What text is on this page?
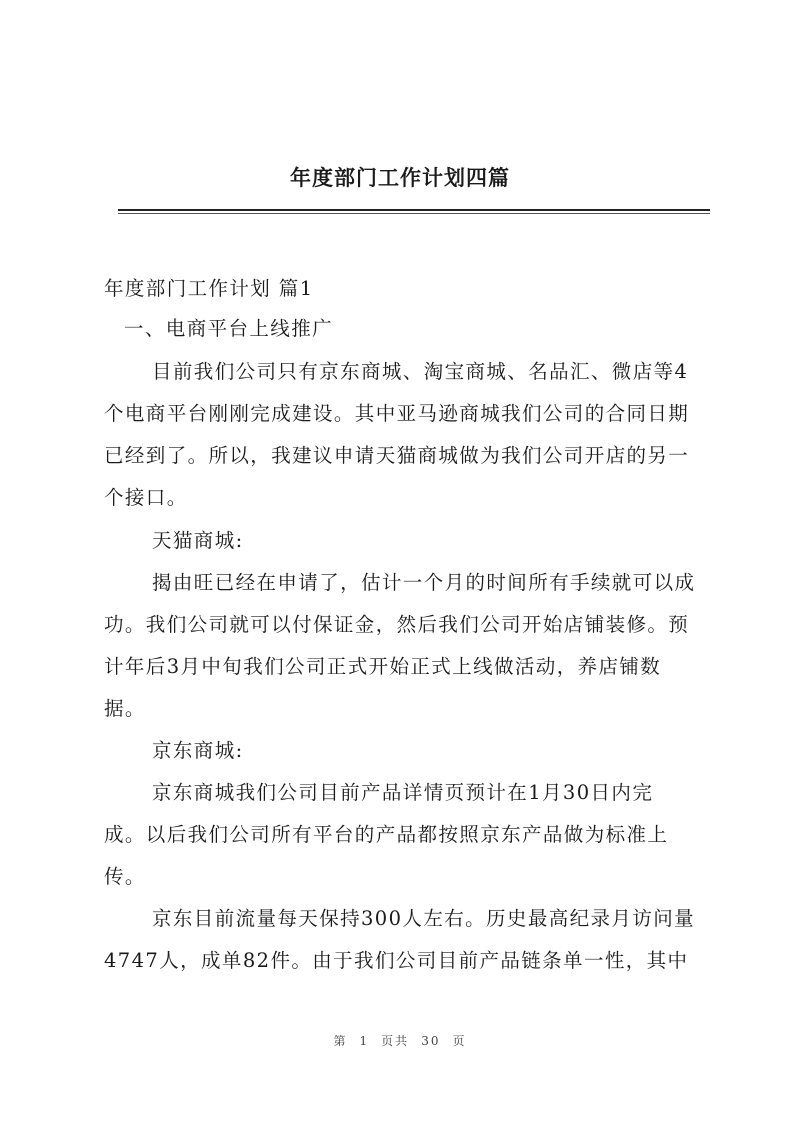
年度部门工作计划四篇
年度部门工作计划 篇1
一、电商平台上线推广
目前我们公司只有京东商城、淘宝商城、名品汇、微店等4
个电商平台刚刚完成建设。其中亚马逊商城我们公司的合同日期
已经到了。所以，我建议申请天猫商城做为我们公司开店的另一
个接口。
天猫商城:
揭由旺已经在申请了，估计一个月的时间所有手续就可以成
功。我们公司就可以付保证金，然后我们公司开始店铺装修。预
计年后3月中旬我们公司正式开始正式上线做活动，养店铺数
据。
京东商城:
京东商城我们公司目前产品详情页预计在1月30日内完
成。以后我们公司所有平台的产品都按照京东产品做为标准上
传。
京东目前流量每天保持300人左右。历史最高纪录月访问量
4747人，成单82件。由于我们公司目前产品链条单一性，其中
第 1 页共 30 页
